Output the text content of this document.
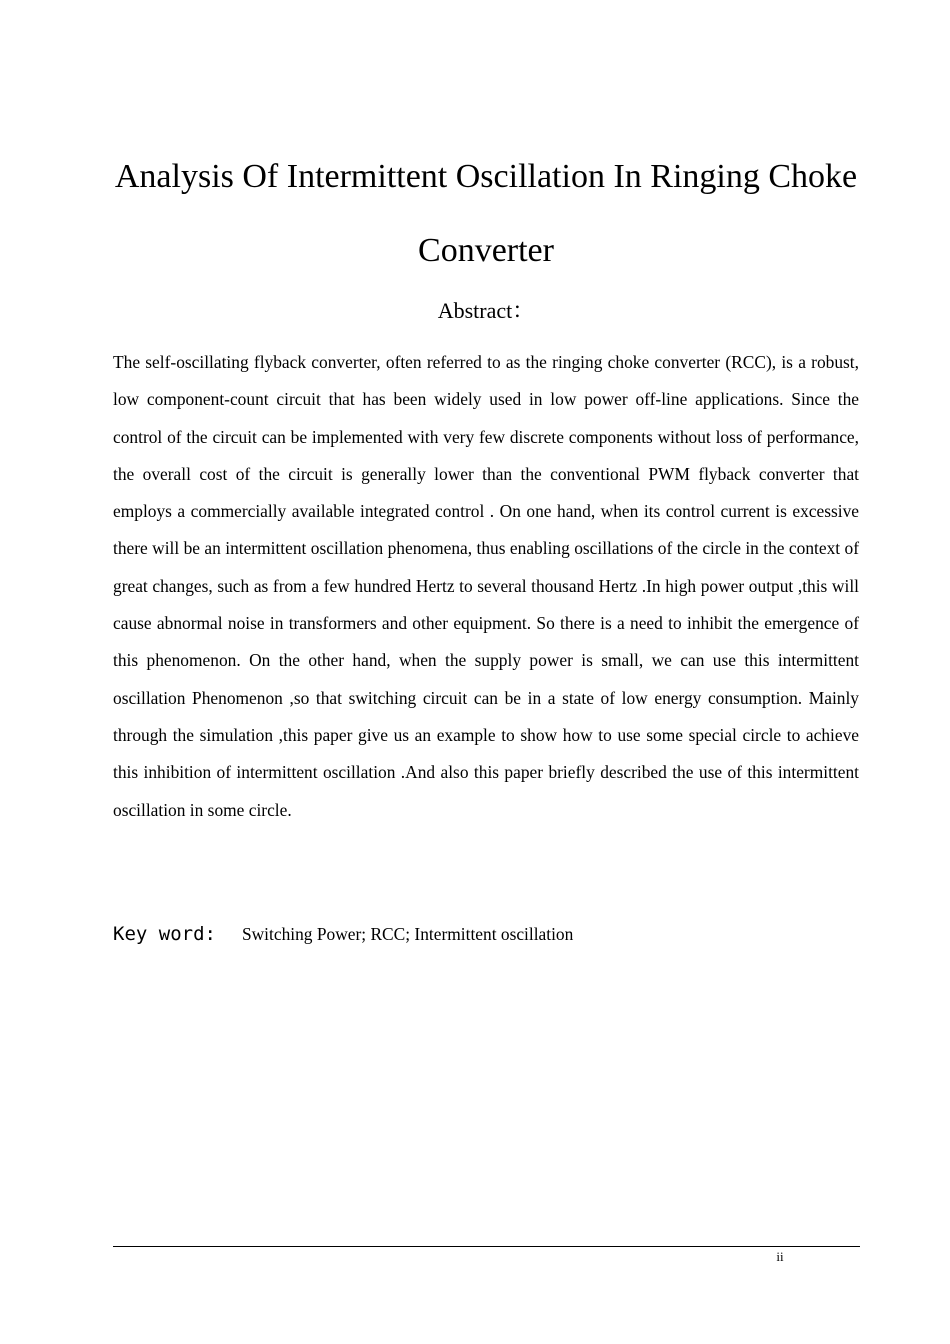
Analysis Of Intermittent Oscillation In Ringing Choke Converter
Abstract：

The self-oscillating flyback converter, often referred to as the ringing choke converter (RCC), is a robust, low component-count circuit that has been widely used in low power off-line applications. Since the control of the circuit can be implemented with very few discrete components without loss of performance, the overall cost of the circuit is generally lower than the conventional PWM flyback converter that employs a commercially available integrated control . On one hand, when its control current is excessive there will be an intermittent oscillation phenomena, thus enabling oscillations of the circle in the context of great changes, such as from a few hundred Hertz to several thousand Hertz .In high power output ,this will cause abnormal noise in transformers and other equipment. So there is a need to inhibit the emergence of this phenomenon. On the other hand, when the supply power is small, we can use this intermittent oscillation Phenomenon ,so that switching circuit can be in a state of low energy consumption. Mainly through the simulation ,this paper give us an example to show how to use some special circle to achieve this inhibition of intermittent oscillation .And also this paper briefly described the use of this intermittent oscillation in some circle.

Key word: Switching Power; RCC; Intermittent oscillation
ii
